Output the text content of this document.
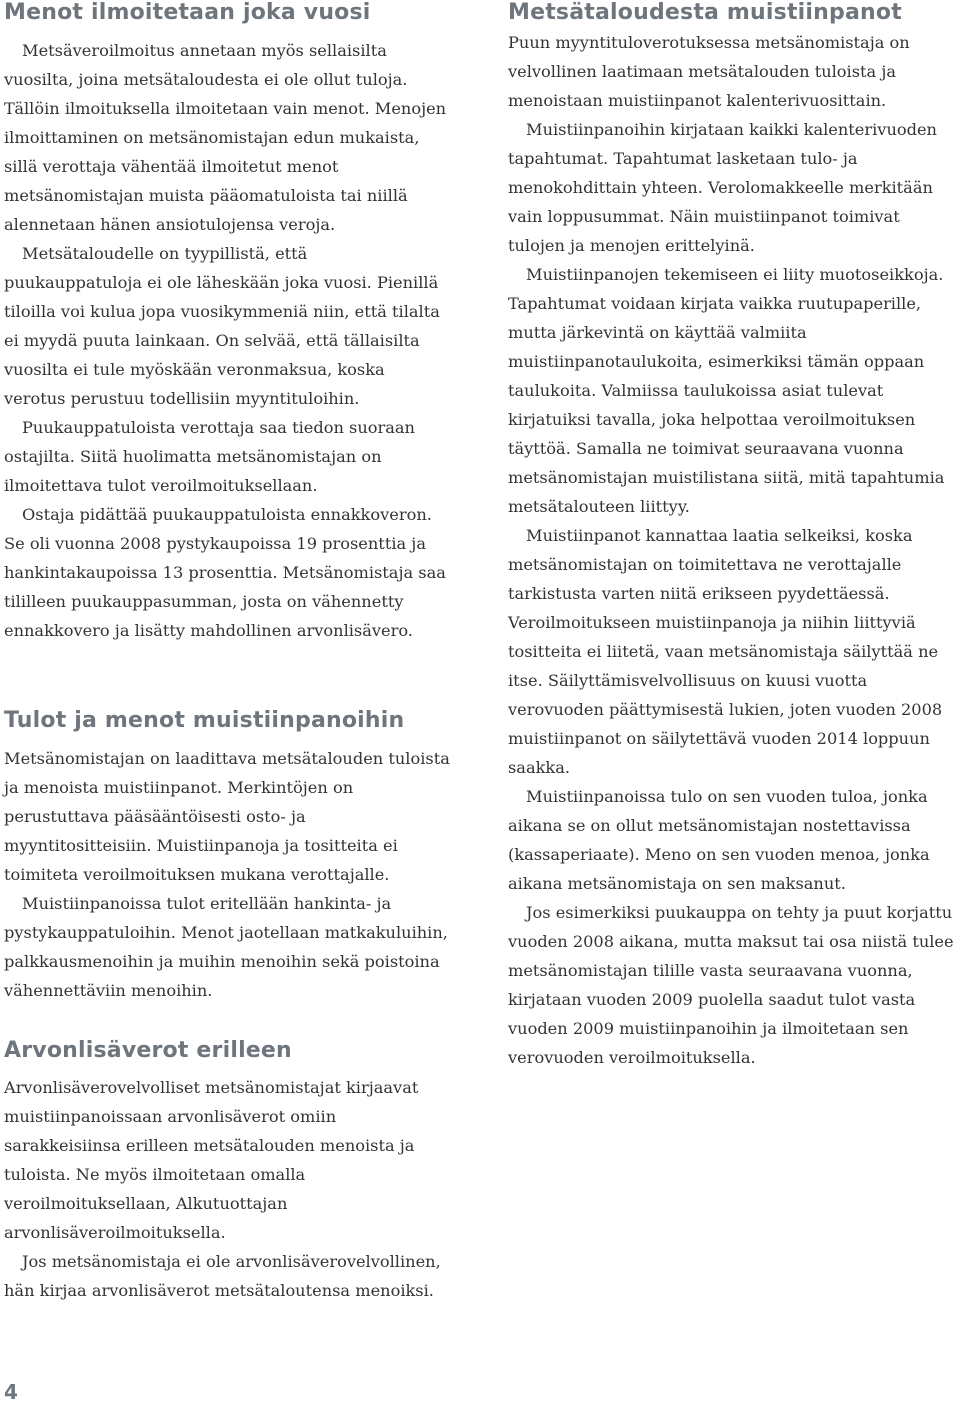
Menot ilmoitetaan joka vuosi

Metsäveroilmoitus annetaan myös sellaisilta vuosilta, joina metsätaloudesta ei ole ollut tuloja. Tällöin ilmoituksella ilmoitetaan vain menot. Menojen ilmoittaminen on metsänomistajan edun mukaista, sillä verottaja vähentää ilmoitetut menot metsänomistajan muista pääomatuloista tai niillä alennetaan hänen ansiotulojensa veroja.

Metsätaloudelle on tyypillistä, että puukauppatuloja ei ole läheskään joka vuosi. Pienillä tiloilla voi kulua jopa vuosikymmeniä niin, että tilalta ei myydä puuta lainkaan. On selvää, että tällaisilta vuosilta ei tule myöskään veronmaksua, koska verotus perustuu todellisiin myyntituloihin.

Puukauppatuloista verottaja saa tiedon suoraan ostajilta. Siitä huolimatta metsänomistajan on ilmoitettava tulot veroilmoituksellaan.

Ostaja pidättää puukauppatuloista ennakkoveron. Se oli vuonna 2008 pystykaupoissa 19 prosenttia ja hankintakaupoissa 13 prosenttia. Metsänomistaja saa tililleen puukauppasumman, josta on vähennetty ennakkovero ja lisätty mahdollinen arvonlisävero.

Tulot ja menot muistiinpanoihin

Metsänomistajan on laadittava metsätalouden tuloista ja menoista muistiinpanot. Merkintöjen on perustuttava pääsääntöisesti osto- ja myyntitositteisiin. Muistiinpanoja ja tositteita ei toimiteta veroilmoituksen mukana verottajalle.

Muistiinpanoissa tulot eritellään hankinta- ja pystykauppatuloihin. Menot jaotellaan matkakuluihin, palkkausmenoihin ja muihin menoihin sekä poistoina vähennettäviin menoihin.

Arvonlisäverot erilleen

Arvonlisäverovelvolliset metsänomistajat kirjaavat muistiinpanoissaan arvonlisäverot omiin sarakkeisiinsa erilleen metsätalouden menoista ja tuloista. Ne myös ilmoitetaan omalla veroilmoituksellaan, Alkutuottajan arvonlisäveroilmoituksella.

Jos metsänomistaja ei ole arvonlisäverovelvollinen, hän kirjaa arvonlisäverot metsätaloutensa menoiksi.

Metsätaloudesta muistiinpanot

Puun myyntituloverotuksessa metsänomistaja on velvollinen laatimaan metsätalouden tuloista ja menoistaan muistiinpanot kalenterivuosittain.

Muistiinpanoihin kirjataan kaikki kalenterivuoden tapahtumat. Tapahtumat lasketaan tulo- ja menokohdittain yhteen. Verolomakkeelle merkitään vain loppusummat. Näin muistiinpanot toimivat tulojen ja menojen erittelyinä.

Muistiinpanojen tekemiseen ei liity muotoseikkoja. Tapahtumat voidaan kirjata vaikka ruutupaperille, mutta järkevintä on käyttää valmiita muistiinpanotaulukoita, esimerkiksi tämän oppaan taulukoita. Valmiissa taulukoissa asiat tulevat kirjatuiksi tavalla, joka helpottaa veroilmoituksen täyttöä. Samalla ne toimivat seuraavana vuonna metsänomistajan muistilistana siitä, mitä tapahtumia metsätalouteen liittyy.

Muistiinpanot kannattaa laatia selkeiksi, koska metsänomistajan on toimitettava ne verottajalle tarkistusta varten niitä erikseen pyydettäessä. Veroilmoitukseen muistiinpanoja ja niihin liittyviä tositteita ei liitetä, vaan metsänomistaja säilyttää ne itse. Säilyttämisvelvollisuus on kuusi vuotta verovuoden päättymisestä lukien, joten vuoden 2008 muistiinpanot on säilytettävä vuoden 2014 loppuun saakka.

Muistiinpanoissa tulo on sen vuoden tuloa, jonka aikana se on ollut metsänomistajan nostettavissa (kassaperiaate). Meno on sen vuoden menoa, jonka aikana metsänomistaja on sen maksanut.

Jos esimerkiksi puukauppa on tehty ja puut korjattu vuoden 2008 aikana, mutta maksut tai osa niistä tulee metsänomistajan tilille vasta seuraavana vuonna, kirjataan vuoden 2009 puolella saadut tulot vasta vuoden 2009 muistiinpanoihin ja ilmoitetaan sen verovuoden veroilmoituksella.

4
